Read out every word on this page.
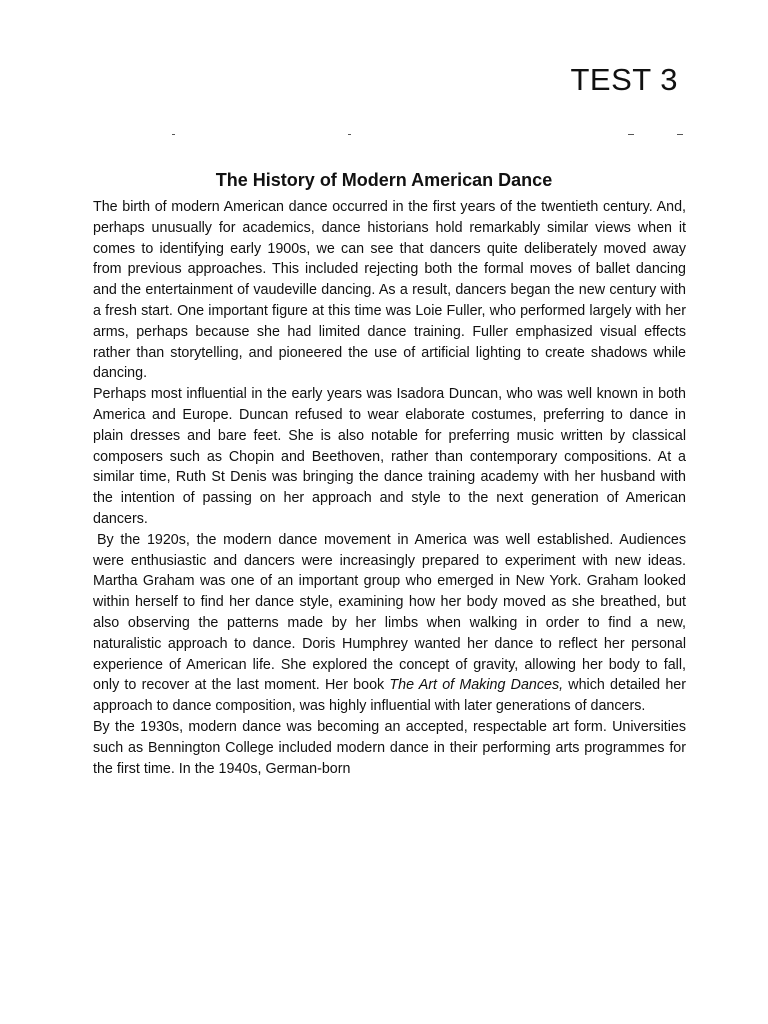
TEST 3
The History of Modern American Dance

The birth of modern American dance occurred in the first years of the twentieth century. And, perhaps unusually for academics, dance historians hold remarkably similar views when it comes to identifying early 1900s, we can see that dancers quite deliberately moved away from previous approaches. This included rejecting both the formal moves of ballet dancing and the entertainment of vaudeville dancing. As a result, dancers began the new century with a fresh start. One important figure at this time was Loie Fuller, who performed largely with her arms, perhaps because she had limited dance training. Fuller emphasized visual effects rather than storytelling, and pioneered the use of artificial lighting to create shadows while dancing.

Perhaps most influential in the early years was Isadora Duncan, who was well known in both America and Europe. Duncan refused to wear elaborate costumes, preferring to dance in plain dresses and bare feet. She is also notable for preferring music written by classical composers such as Chopin and Beethoven, rather than contemporary compositions. At a similar time, Ruth St Denis was bringing the dance training academy with her husband with the intention of passing on her approach and style to the next generation of American dancers.

By the 1920s, the modern dance movement in America was well established. Audiences were enthusiastic and dancers were increasingly prepared to experiment with new ideas. Martha Graham was one of an important group who emerged in New York. Graham looked within herself to find her dance style, examining how her body moved as she breathed, but also observing the patterns made by her limbs when walking in order to find a new, naturalistic approach to dance. Doris Humphrey wanted her dance to reflect her personal experience of American life. She explored the concept of gravity, allowing her body to fall, only to recover at the last moment. Her book The Art of Making Dances, which detailed her approach to dance composition, was highly influential with later generations of dancers.

By the 1930s, modern dance was becoming an accepted, respectable art form. Universities such as Bennington College included modern dance in their performing arts programmes for the first time. In the 1940s, German-born
